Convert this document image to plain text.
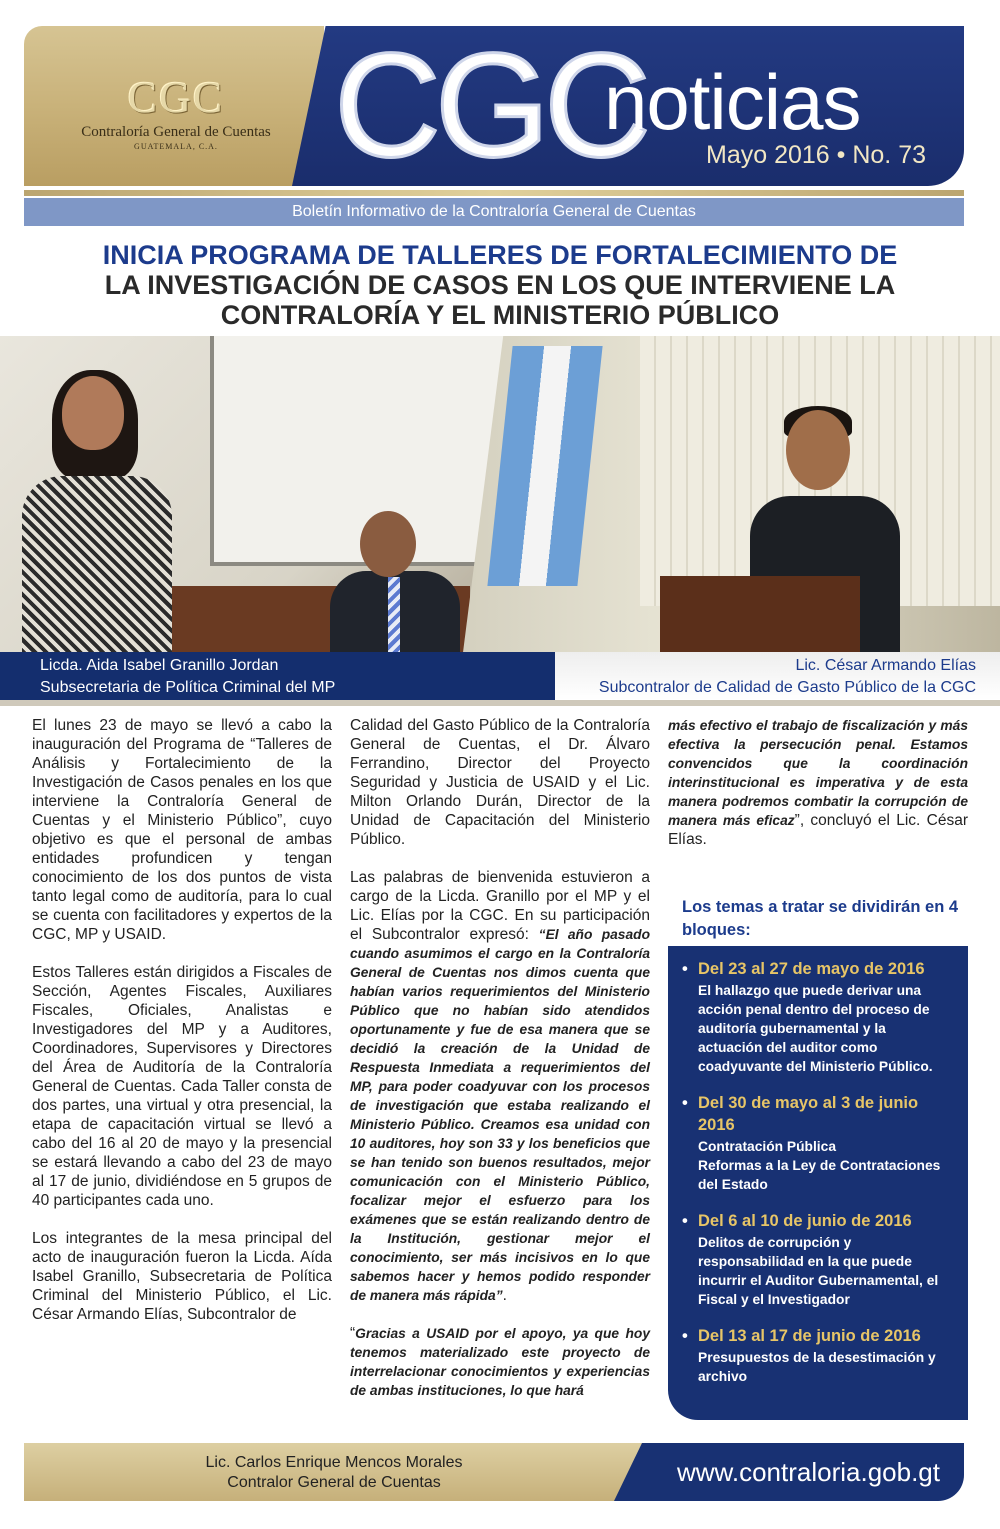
CGC
Contraloría General de Cuentas
GUATEMALA, C.A. CGC
noticias
Mayo 2016 • No. 73
Boletín Informativo de la Contraloría General de Cuentas
INICIA PROGRAMA DE TALLERES DE FORTALECIMIENTO DE
LA INVESTIGACIÓN DE CASOS EN LOS QUE INTERVIENE LA
CONTRALORÍA Y EL MINISTERIO PÚBLICO
Licda. Aida Isabel Granillo Jordan
Subsecretaria de Política Criminal del MP
Lic. César Armando Elías
Subcontralor de Calidad de Gasto Público de la CGC

El lunes 23 de mayo se llevó a cabo la inauguración del Programa de “Talleres de Análisis y Fortalecimiento de la Investigación de Casos penales en los que interviene la Contraloría General de Cuentas y el Ministerio Público”, cuyo objetivo es que el personal de ambas entidades profundicen y tengan conocimiento de los dos puntos de vista tanto legal como de auditoría, para lo cual se cuenta con facilitadores y expertos de la CGC, MP y USAID.

Estos Talleres están dirigidos a Fiscales de Sección, Agentes Fiscales, Auxiliares Fiscales, Oficiales, Analistas e Investigadores del MP y a Auditores, Coordinadores, Supervisores y Directores del Área de Auditoría de la Contraloría General de Cuentas. Cada Taller consta de dos partes, una virtual y otra presencial, la etapa de capacitación virtual se llevó a cabo del 16 al 20 de mayo y la presencial se estará llevando a cabo del 23 de mayo al 17 de junio, dividiéndose en 5 grupos de 40 participantes cada uno.

Los integrantes de la mesa principal del acto de inauguración fueron la Licda. Aída Isabel Granillo, Subsecretaria de Política Criminal del Ministerio Público, el Lic. César Armando Elías, Subcontralor de

Calidad del Gasto Público de la Contraloría General de Cuentas, el Dr. Álvaro Ferrandino, Director del Proyecto Seguridad y Justicia de USAID y el Lic. Milton Orlando Durán, Director de la Unidad de Capacitación del Ministerio Público.

Las palabras de bienvenida estuvieron a cargo de la Licda. Granillo por el MP y el Lic. Elías por la CGC. En su participación el Subcontralor expresó: “El año pasado cuando asumimos el cargo en la Contraloría General de Cuentas nos dimos cuenta que habían varios requerimientos del Ministerio Público que no habían sido atendidos oportunamente y fue de esa manera que se decidió la creación de la Unidad de Respuesta Inmediata a requerimientos del MP, para poder coadyuvar con los procesos de investigación que estaba realizando el Ministerio Público. Creamos esa unidad con 10 auditores, hoy son 33 y los beneficios que se han tenido son buenos resultados, mejor comunicación con el Ministerio Público, focalizar mejor el esfuerzo para los exámenes que se están realizando dentro de la Institución, gestionar mejor el conocimiento, ser más incisivos en lo que sabemos hacer y hemos podido responder de manera más rápida”.

“Gracias a USAID por el apoyo, ya que hoy tenemos materializado este proyecto de interrelacionar conocimientos y experiencias de ambas instituciones, lo que hará

más efectivo el trabajo de fiscalización y más efectiva la persecución penal. Estamos convencidos que la coordinación interinstitucional es imperativa y de esta manera podremos combatir la corrupción de manera más eficaz”, concluyó el Lic. César Elías.

Los temas a tratar se dividirán en 4 bloques:
• Del 23 al 27 de mayo de 2016
El hallazgo que puede derivar una acción penal dentro del proceso de auditoría gubernamental y la actuación del auditor como coadyuvante del Ministerio Público.
• Del 30 de mayo al 3 de junio 2016
Contratación Pública
Reformas a la Ley de Contrataciones del Estado
• Del 6 al 10 de junio de 2016
Delitos de corrupción y responsabilidad en la que puede incurrir el Auditor Gubernamental, el Fiscal y el Investigador
• Del 13 al 17 de junio de 2016
Presupuestos de la desestimación y archivo
Lic. Carlos Enrique Mencos Morales
Contralor General de Cuentas	www.contraloria.gob.gt
